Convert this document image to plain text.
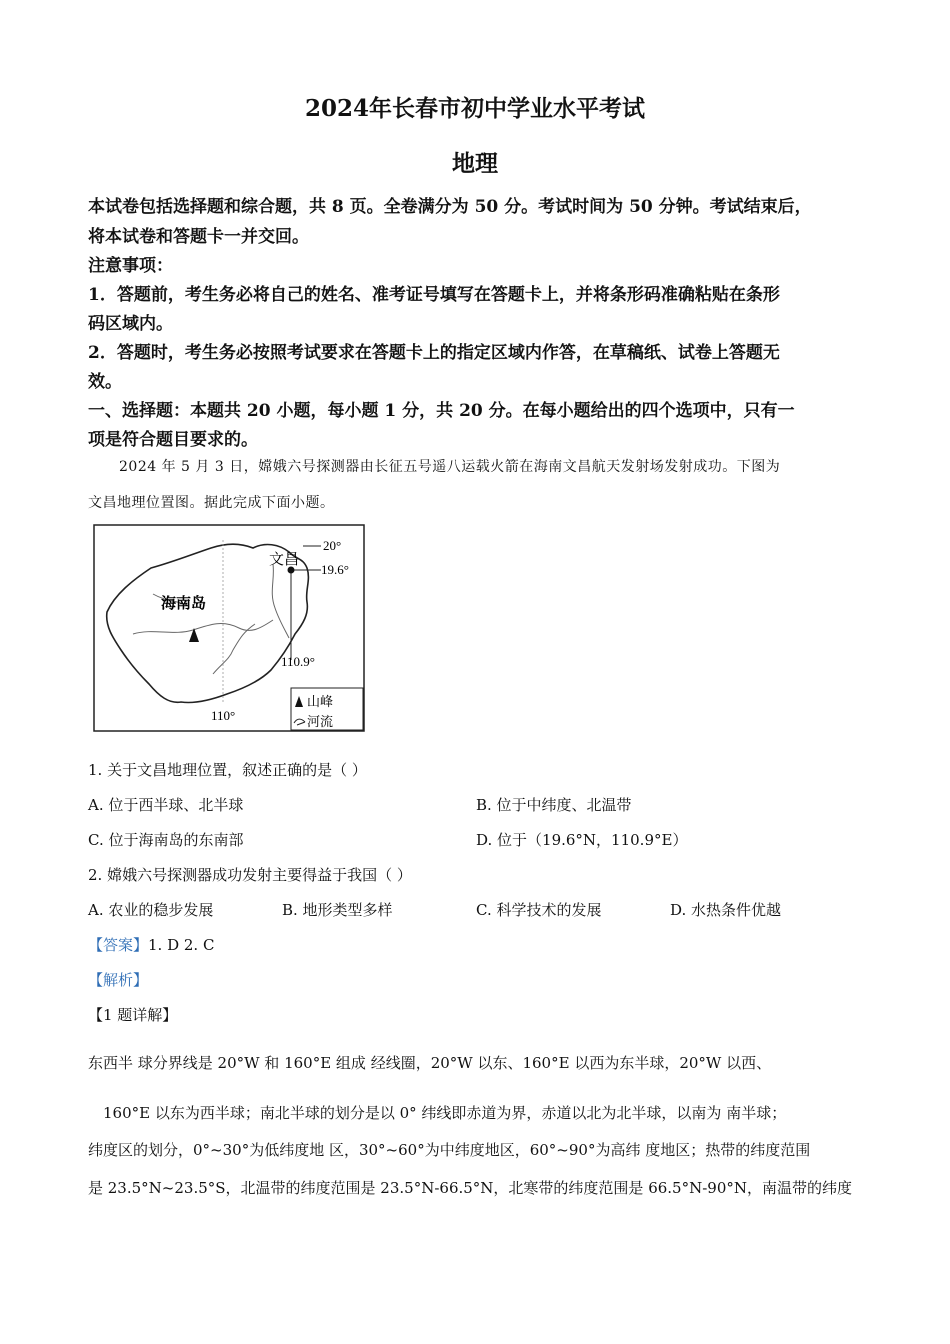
2024年长春市初中学业水平考试
地理
本试卷包括选择题和综合题，共 8 页。全卷满分为 50 分。考试时间为 50 分钟。考试结束后，
将本试卷和答题卡一并交回。
注意事项：
1．答题前，考生务必将自己的姓名、准考证号填写在答题卡上，并将条形码准确粘贴在条形
码区域内。
2．答题时，考生务必按照考试要求在答题卡上的指定区域内作答，在草稿纸、试卷上答题无
效。
一、选择题：本题共 20 小题，每小题 1 分，共 20 分。在每小题给出的四个选项中，只有一
项是符合题目要求的。
2024 年 5 月 3 日，嫦娥六号探测器由长征五号遥八运载火箭在海南文昌航天发射场发射成功。下图为
文昌地理位置图。据此完成下面小题。
海南岛
文昌
20°
19.6°
110.9°
110°
山峰
河流
1. 关于文昌地理位置，叙述正确的是（ ）
A. 位于西半球、北半球	B. 位于中纬度、北温带
C. 位于海南岛的东南部	D. 位于（19.6°N，110.9°E）
2. 嫦娥六号探测器成功发射主要得益于我国（ ）
A. 农业的稳步发展	B. 地形类型多样	C. 科学技术的发展	D. 水热条件优越
【答案】1. D 2. C
【解析】
【1 题详解】
东西半 球分界线是 20°W 和 160°E 组成 经线圈，20°W 以东、160°E 以西为东半球，20°W 以西、
160°E 以东为西半球；南北半球的划分是以 0° 纬线即赤道为界，赤道以北为北半球，以南为 南半球；
纬度区的划分，0°~30°为低纬度地 区，30°~60°为中纬度地区，60°~90°为高纬 度地区；热带的纬度范围
是 23.5°N~23.5°S，北温带的纬度范围是 23.5°N-66.5°N，北寒带的纬度范围是 66.5°N-90°N，南温带的纬度
